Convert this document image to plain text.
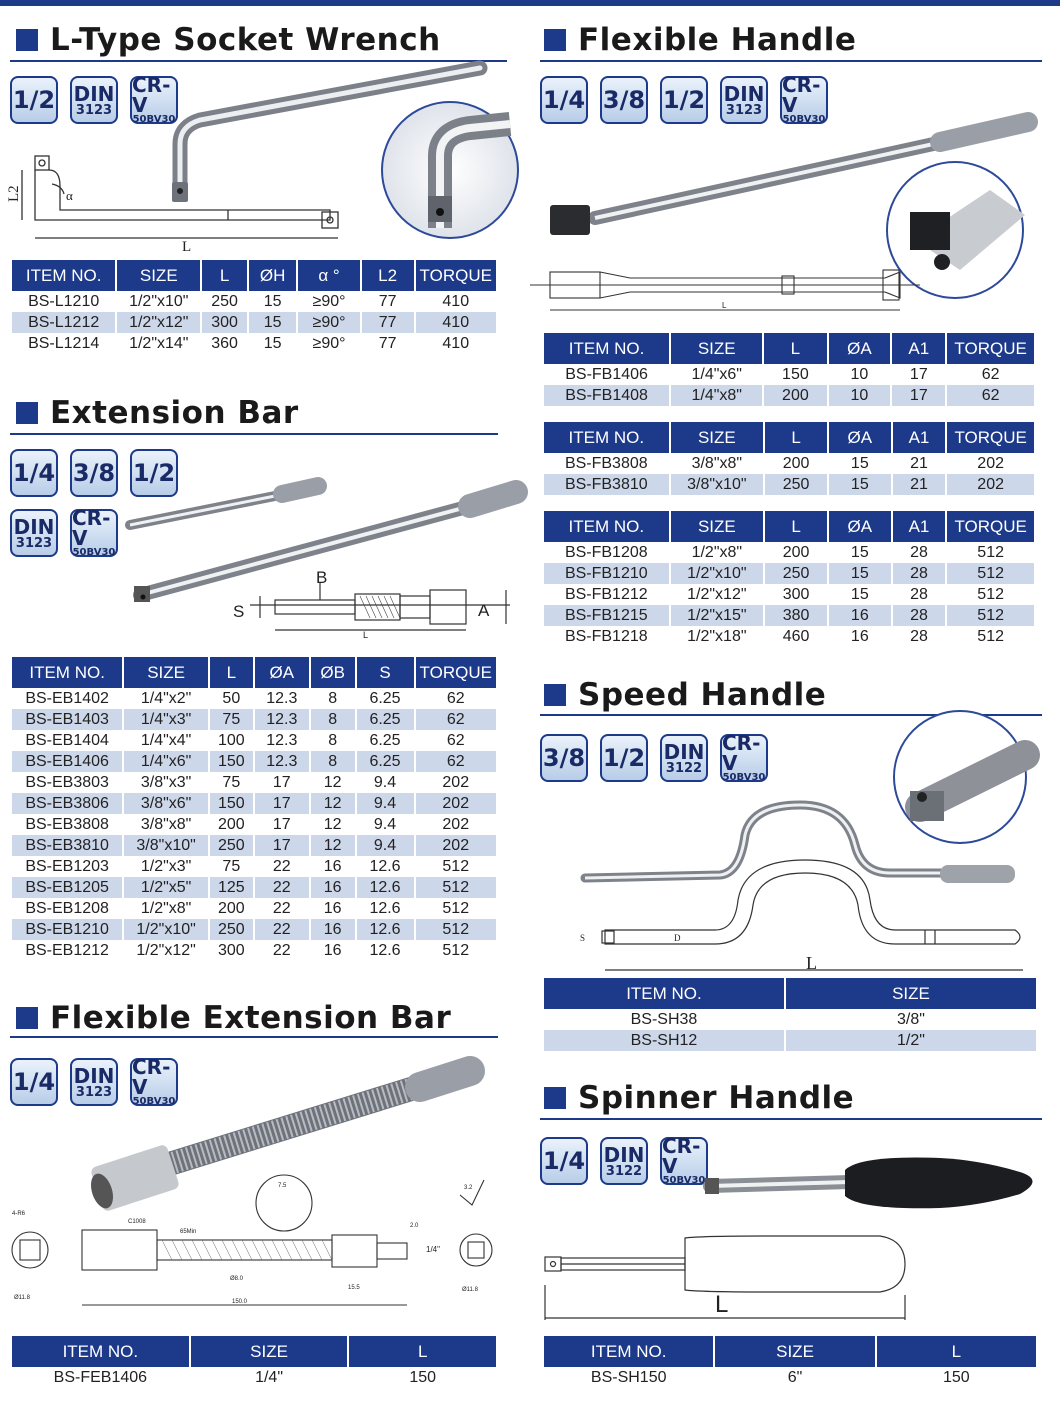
L-Type Socket Wrench
1/2 DIN
3123
CR-V
50BV30
L2	α
L
ITEM NO.	SIZE	L	ØH	α °	L2	TORQUE
BS-L1210	1/2"x10"	250	15	≥90°	77	410
BS-L1212	1/2"x12"	300	15	≥90°	77	410
BS-L1214	1/2"x14"	360	15	≥90°	77	410
Extension Bar
1/4 3/8 1/2
DIN
3123
CR-V
50BV30
B
S	A
L
ITEM NO.	SIZE	L	ØA	ØB	S	TORQUE
BS-EB1402	1/4"x2"	50	12.3	8	6.25	62
BS-EB1403	1/4"x3"	75	12.3	8	6.25	62
BS-EB1404	1/4"x4"	100	12.3	8	6.25	62
BS-EB1406	1/4"x6"	150	12.3	8	6.25	62
BS-EB3803	3/8"x3"	75	17	12	9.4	202
BS-EB3806	3/8"x6"	150	17	12	9.4	202
BS-EB3808	3/8"x8"	200	17	12	9.4	202
BS-EB3810	3/8"x10"	250	17	12	9.4	202
BS-EB1203	1/2"x3"	75	22	16	12.6	512
BS-EB1205	1/2"x5"	125	22	16	12.6	512
BS-EB1208	1/2"x8"	200	22	16	12.6	512
BS-EB1210	1/2"x10"	250	22	16	12.6	512
BS-EB1212	1/2"x12"	300	22	16	12.6	512
Flexible Extension Bar
1/4 DIN
3123
CR-V
50BV30
7.5
65Min
C1008
2.0
1/4"
15.5
150.0
Ø11.8
Ø11.8
Ø8.0
4-R6
3.2
ITEM NO.	SIZE	L
BS-FEB1406	1/4"	150
Flexible Handle
1/4 3/8 1/2 DIN
3123
CR-V
50BV30
L
ITEM NO.	SIZE	L	ØA	A1	TORQUE
BS-FB1406	1/4"x6"	150	10	17	62
BS-FB1408	1/4"x8"	200	10	17	62
ITEM NO.	SIZE	L	ØA	A1	TORQUE
BS-FB3808	3/8"x8"	200	15	21	202
BS-FB3810	3/8"x10"	250	15	21	202
ITEM NO.	SIZE	L	ØA	A1	TORQUE
BS-FB1208	1/2"x8"	200	15	28	512
BS-FB1210	1/2"x10"	250	15	28	512
BS-FB1212	1/2"x12"	300	15	28	512
BS-FB1215	1/2"x15"	380	16	28	512
BS-FB1218	1/2"x18"	460	16	28	512
Speed Handle
3/8 1/2 DIN
3122
CR-V
50BV30
S	D
L
ITEM NO.	SIZE
BS-SH38	3/8"
BS-SH12	1/2"
Spinner Handle
1/4 DIN
3122
CR-V
50BV30
L
ITEM NO.	SIZE	L
BS-SH150	6"	150
